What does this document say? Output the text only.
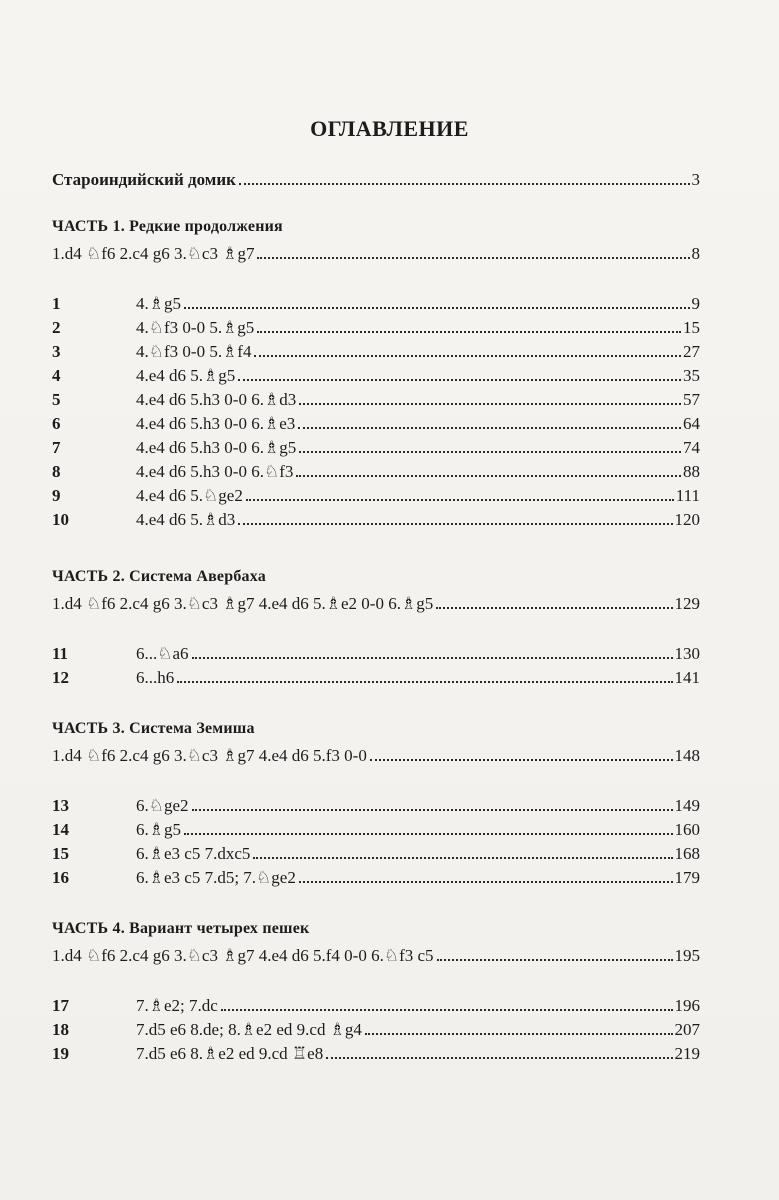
ОГЛАВЛЕНИЕ
Староиндийский домик	3
ЧАСТЬ 1. Редкие продолжения
1.d4 ♘f6 2.c4 g6 3.♘c3 ♗g7	8
1	4.♗g5	9
2	4.♘f3 0-0 5.♗g5	15
3	4.♘f3 0-0 5.♗f4	27
4	4.e4 d6 5.♗g5	35
5	4.e4 d6 5.h3 0-0 6.♗d3	57
6	4.e4 d6 5.h3 0-0 6.♗e3	64
7	4.e4 d6 5.h3 0-0 6.♗g5	74
8	4.e4 d6 5.h3 0-0 6.♘f3	88
9	4.e4 d6 5.♘ge2	111
10	4.e4 d6 5.♗d3	120
ЧАСТЬ 2. Система Авербаха
1.d4 ♘f6 2.c4 g6 3.♘c3 ♗g7 4.e4 d6 5.♗e2 0-0 6.♗g5	129
11	6...♘a6	130
12	6...h6	141
ЧАСТЬ 3. Система Земиша
1.d4 ♘f6 2.c4 g6 3.♘c3 ♗g7 4.e4 d6 5.f3 0-0	148
13	6.♘ge2	149
14	6.♗g5	160
15	6.♗e3 c5 7.dxc5	168
16	6.♗e3 c5 7.d5; 7.♘ge2	179
ЧАСТЬ 4. Вариант четырех пешек
1.d4 ♘f6 2.c4 g6 3.♘c3 ♗g7 4.e4 d6 5.f4 0-0 6.♘f3 c5	195
17	7.♗e2; 7.dc	196
18	7.d5 e6 8.de; 8.♗e2 ed 9.cd ♗g4	207
19	7.d5 e6 8.♗e2 ed 9.cd ♖e8	219
